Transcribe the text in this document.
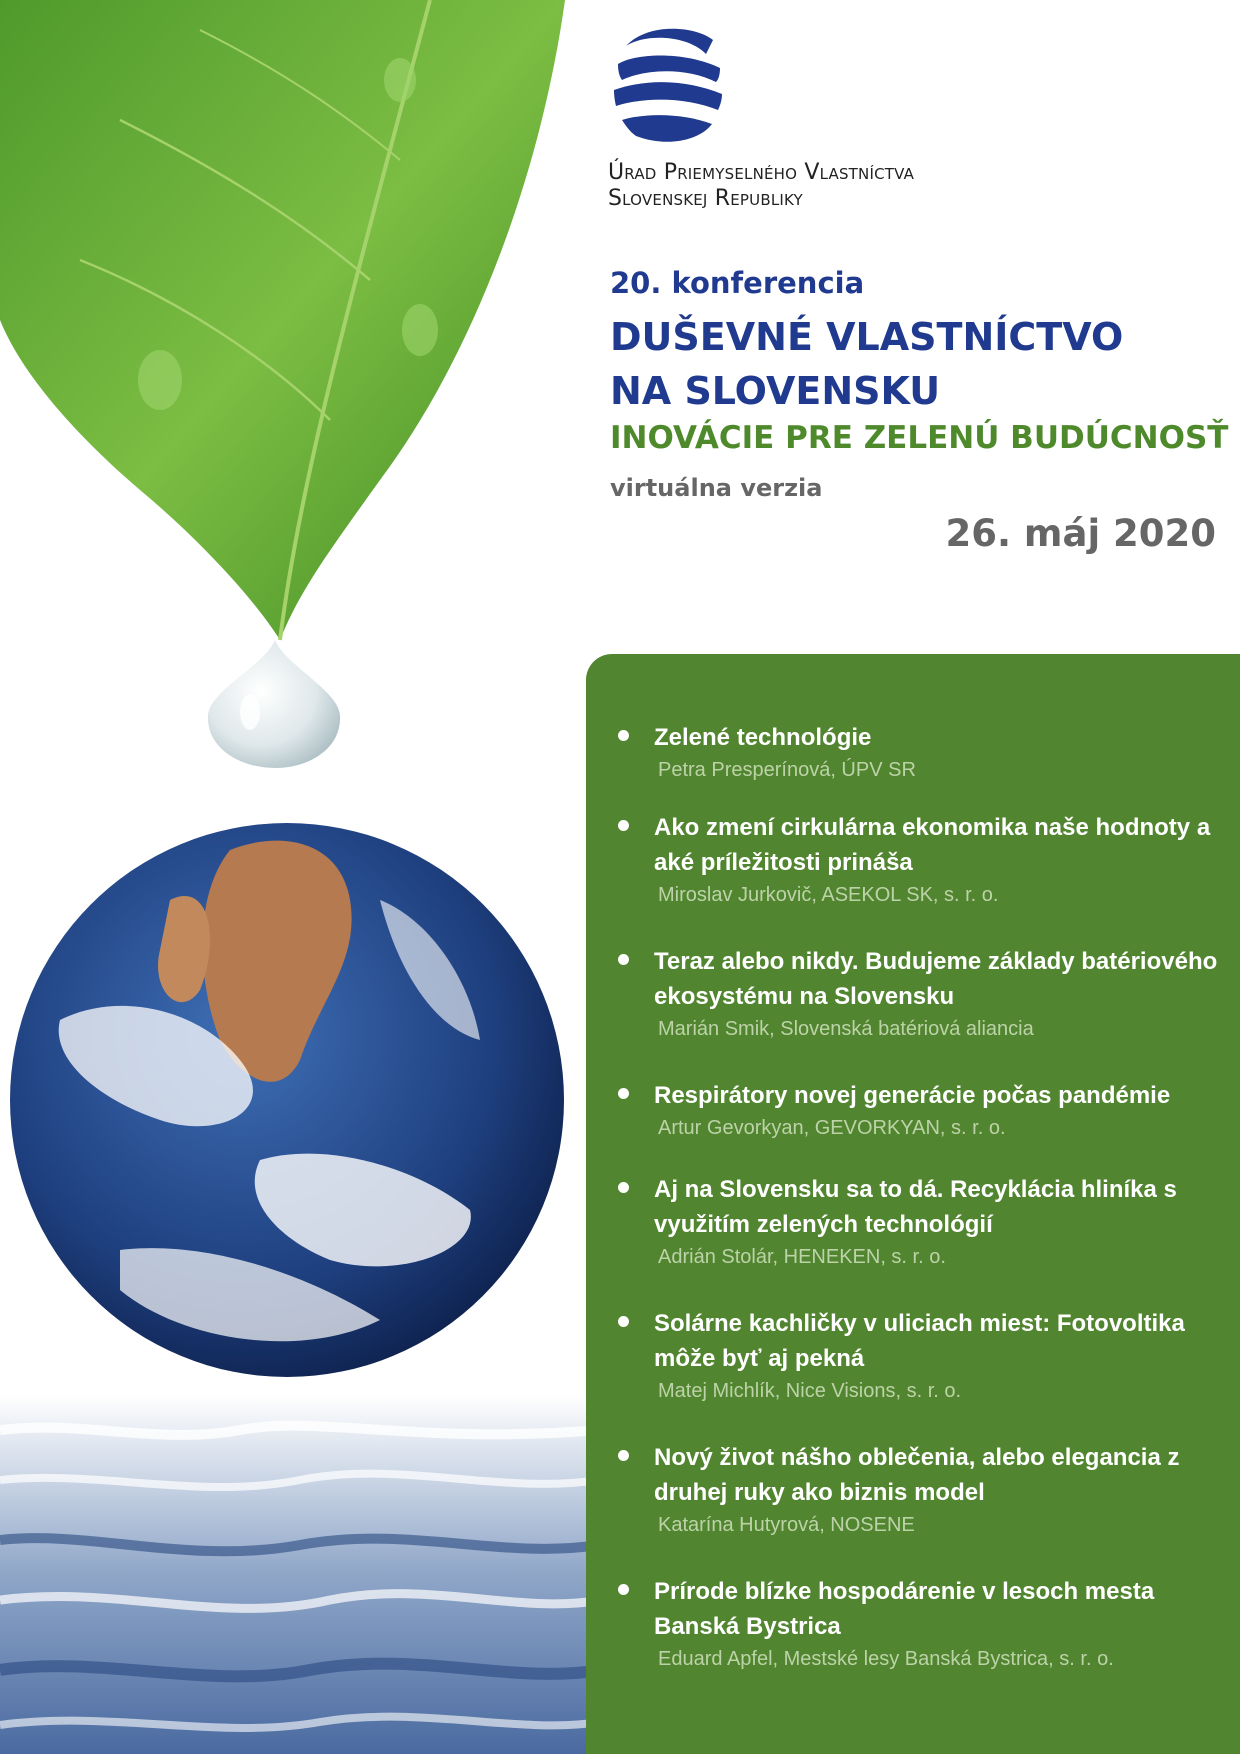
Úrad Priemyselného Vlastníctva
Slovenskej Republiky
20. konferencia
DUŠEVNÉ VLASTNÍCTVO
NA SLOVENSKU
INOVÁCIE PRE ZELENÚ BUDÚCNOSŤ
virtuálna verzia
26. máj 2020
Zelené technológie
Petra Presperínová, ÚPV SR
Ako zmení cirkulárna ekonomika naše hodnoty a aké príležitosti prináša
Miroslav Jurkovič, ASEKOL SK, s. r. o.
Teraz alebo nikdy. Budujeme základy batériového ekosystému na Slovensku
Marián Smik, Slovenská batériová aliancia
Respirátory novej generácie počas pandémie
Artur Gevorkyan, GEVORKYAN, s. r. o.
Aj na Slovensku sa to dá. Recyklácia hliníka s využitím zelených technológií
Adrián Stolár, HENEKEN, s. r. o.
Solárne kachličky v uliciach miest: Fotovoltika môže byť aj pekná
Matej Michlík, Nice Visions, s. r. o.
Nový život nášho oblečenia, alebo elegancia z druhej ruky ako biznis model
Katarína Hutyrová, NOSENE
Prírode blízke hospodárenie v lesoch mesta Banská Bystrica
Eduard Apfel, Mestské lesy Banská Bystrica, s. r. o.
